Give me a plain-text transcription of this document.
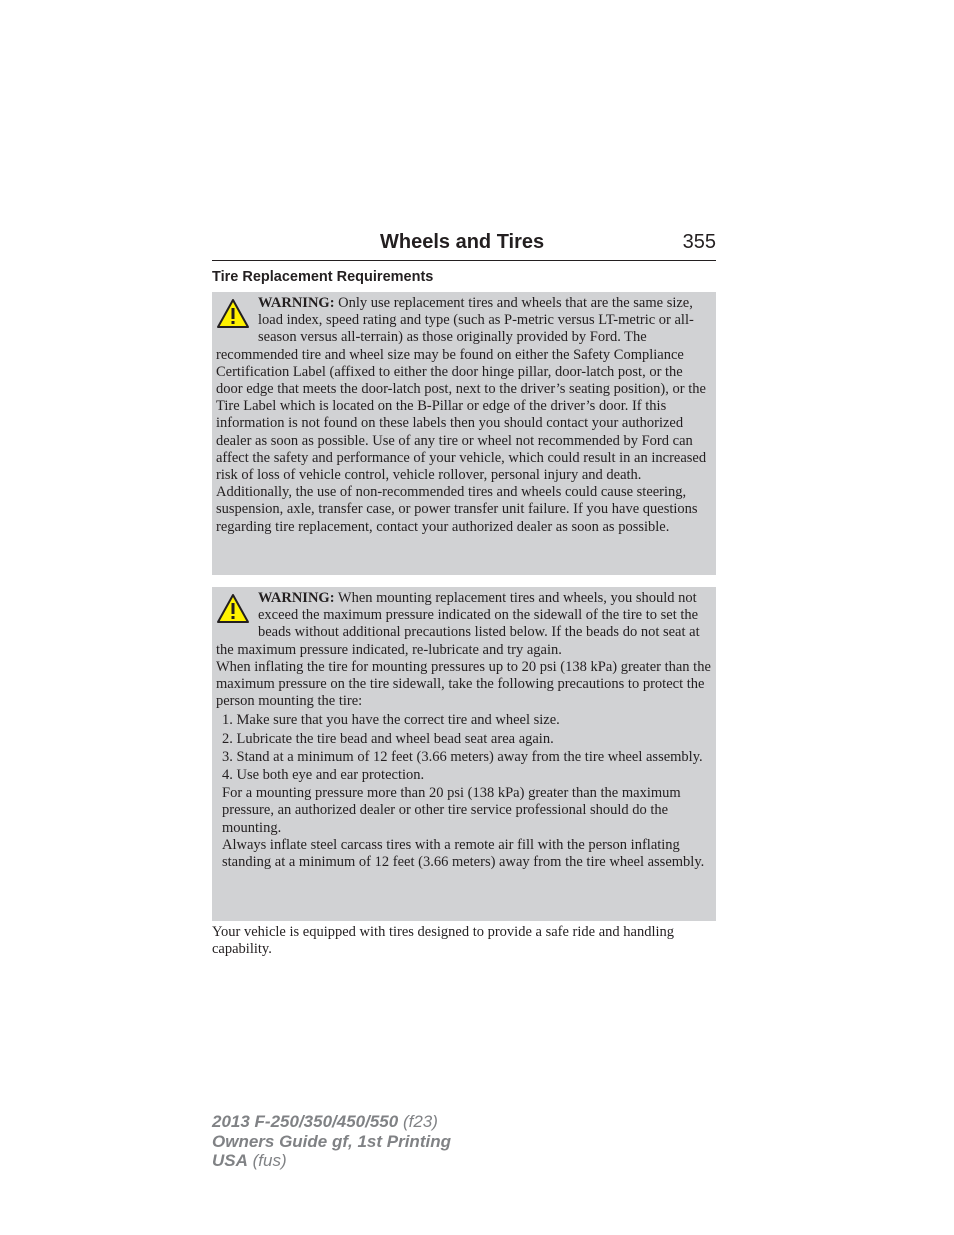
Wheels and Tires	355
Tire Replacement Requirements

WARNING: Only use replacement tires and wheels that are the same size, load index, speed rating and type (such as P-metric versus LT-metric or all-season versus all-terrain) as those originally provided by Ford. The recommended tire and wheel size may be found on either the Safety Compliance Certification Label (affixed to either the door hinge pillar, door-latch post, or the door edge that meets the door-latch post, next to the driver’s seating position), or the Tire Label which is located on the B-Pillar or edge of the driver’s door. If this information is not found on these labels then you should contact your authorized dealer as soon as possible. Use of any tire or wheel not recommended by Ford can affect the safety and performance of your vehicle, which could result in an increased risk of loss of vehicle control, vehicle rollover, personal injury and death. Additionally, the use of non-recommended tires and wheels could cause steering, suspension, axle, transfer case, or power transfer unit failure. If you have questions regarding tire replacement, contact your authorized dealer as soon as possible.

WARNING: When mounting replacement tires and wheels, you should not exceed the maximum pressure indicated on the sidewall of the tire to set the beads without additional precautions listed below. If the beads do not seat at the maximum pressure indicated, re-lubricate and try again.

When inflating the tire for mounting pressures up to 20 psi (138 kPa) greater than the maximum pressure on the tire sidewall, take the following precautions to protect the person mounting the tire:

1. Make sure that you have the correct tire and wheel size.
2. Lubricate the tire bead and wheel bead seat area again.
3. Stand at a minimum of 12 feet (3.66 meters) away from the tire wheel assembly.
4. Use both eye and ear protection.

For a mounting pressure more than 20 psi (138 kPa) greater than the maximum pressure, an authorized dealer or other tire service professional should do the mounting.

Always inflate steel carcass tires with a remote air fill with the person inflating standing at a minimum of 12 feet (3.66 meters) away from the tire wheel assembly.

Your vehicle is equipped with tires designed to provide a safe ride and handling capability.
2013 F-250/350/450/550 (f23)
Owners Guide gf, 1st Printing
USA (fus)
